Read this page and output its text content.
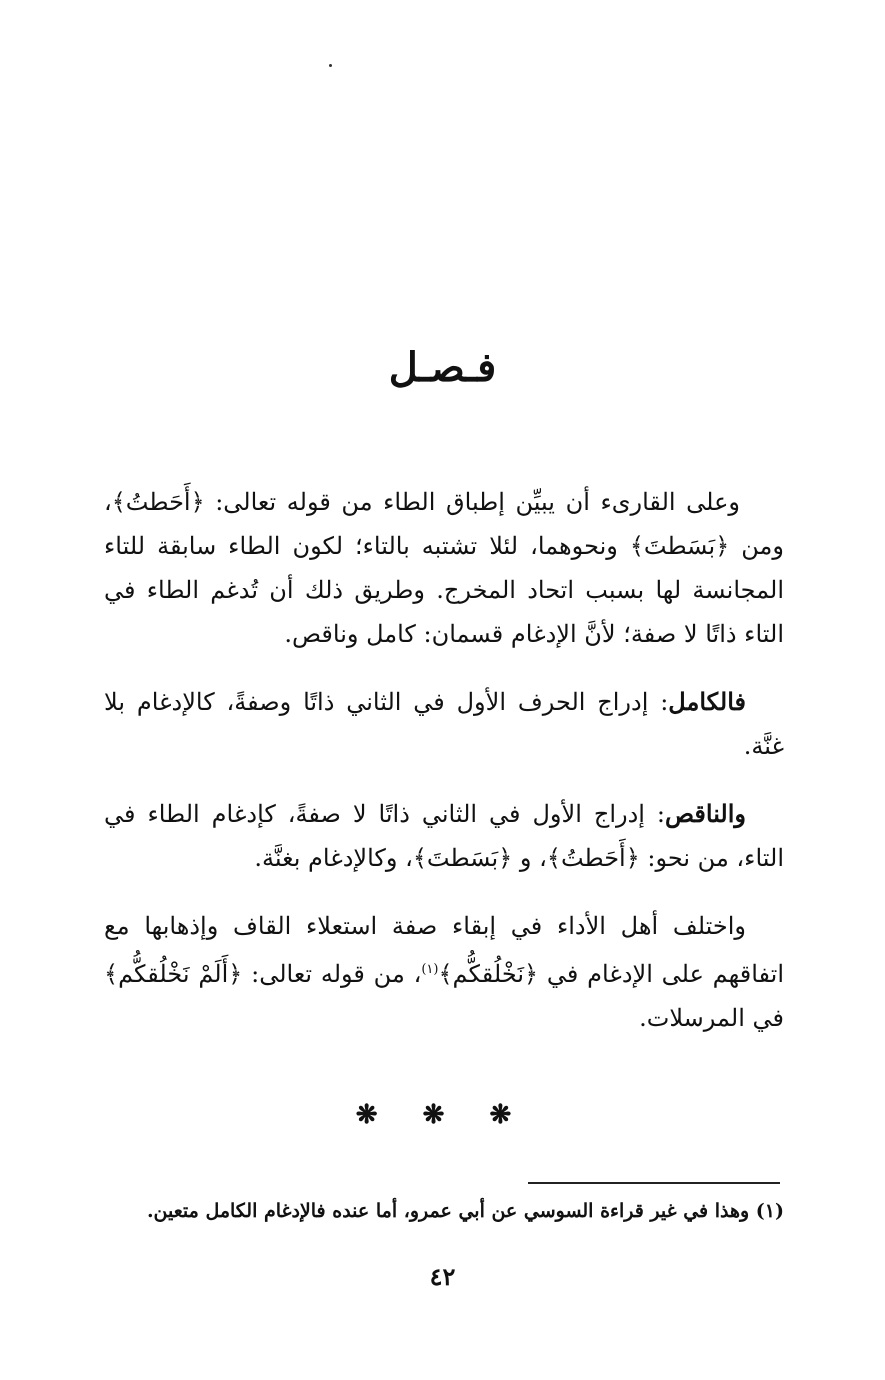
فـصـل

وعلى القارىء أن يبيِّن إطباق الطاء من قوله تعالى: ﴿أَحَطتُ﴾، ومن ﴿بَسَطتَ﴾ ونحوهما، لئلا تشتبه بالتاء؛ لكون الطاء سابقة للتاء المجانسة لها بسبب اتحاد المخرج. وطريق ذلك أن تُدغم الطاء في التاء ذاتًا لا صفة؛ لأنَّ الإدغام قسمان: كامل وناقص.

فالكامل: إدراج الحرف الأول في الثاني ذاتًا وصفةً، كالإدغام بلا غنَّة.

والناقص: إدراج الأول في الثاني ذاتًا لا صفةً، كإدغام الطاء في التاء، من نحو: ﴿أَحَطتُ﴾، و ﴿بَسَطتَ﴾، وكالإدغام بغنَّة.

واختلف أهل الأداء في إبقاء صفة استعلاء القاف وإذهابها مع اتفاقهم على الإدغام في ﴿نَخْلُقكُّم﴾$^{(١)}$، من قوله تعالى: ﴿أَلَمْ نَخْلُقكُّم﴾ في المرسلات.

❋ ❋ ❋
(١) وهذا في غير قراءة السوسي عن أبي عمرو، أما عنده فالإدغام الكامل متعين.
٤٢
